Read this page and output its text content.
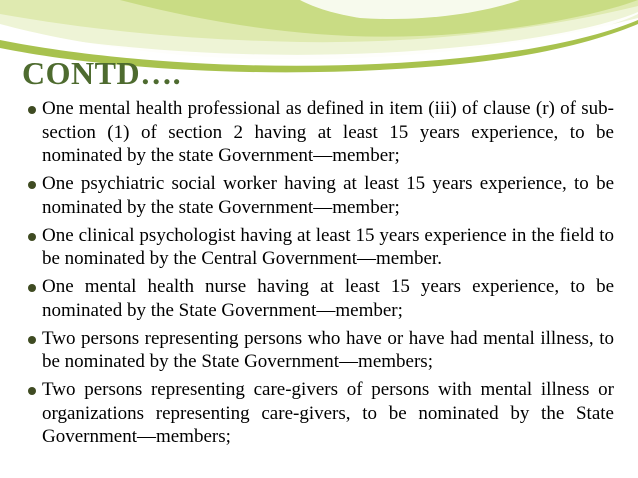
CONTD….
One mental health professional as defined in item (iii) of clause (r) of sub-section (1) of section 2 having at least 15 years experience, to be nominated by the state Government—member;
One psychiatric social worker having at least 15 years experience, to be nominated by the state Government—member;
One clinical psychologist having at least 15 years experience in the field to be nominated by the Central Government—member.
One mental health nurse having at least 15 years experience, to be nominated by the State Government—member;
Two persons representing persons who have or have had mental illness, to be nominated by the State Government—members;
Two persons representing care-givers of persons with mental illness or organizations representing care-givers, to be nominated by the State Government—members;
